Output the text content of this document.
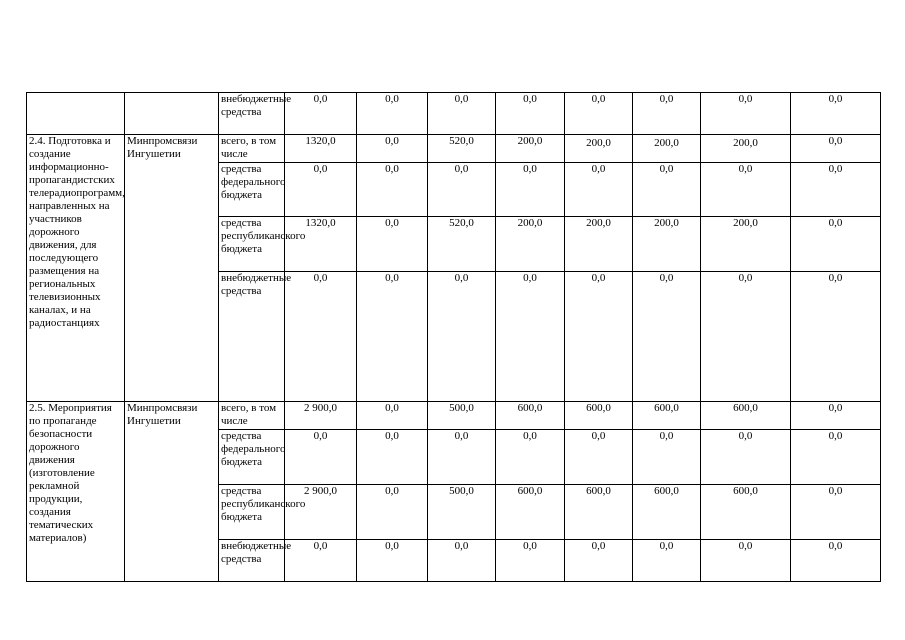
		внебюджетные средства	0,0	0,0	0,0	0,0	0,0	0,0	0,0	0,0
2.4. Подготовка и создание информационно-пропагандистских телерадиопрограмм, направленных на участников дорожного движения, для последующего размещения на региональных телевизионных каналах, и на радиостанциях	Минпромсвязи Ингушетии	всего, в том числе	1320,0	0,0	520,0	200,0	200,0	200,0	200,0	0,0
		средства федерального бюджета	0,0	0,0	0,0	0,0	0,0	0,0	0,0	0,0
		средства республиканского бюджета	1320,0	0,0	520,0	200,0	200,0	200,0	200,0	0,0
		внебюджетные средства	0,0	0,0	0,0	0,0	0,0	0,0	0,0	0,0
2.5. Мероприятия по пропаганде безопасности дорожного движения (изготовление рекламной продукции, создания тематических материалов)	Минпромсвязи Ингушетии	всего, в том числе	2 900,0	0,0	500,0	600,0	600,0	600,0	600,0	0,0
		средства федерального бюджета	0,0	0,0	0,0	0,0	0,0	0,0	0,0	0,0
		средства республиканского бюджета	2 900,0	0,0	500,0	600,0	600,0	600,0	600,0	0,0
		внебюджетные средства	0,0	0,0	0,0	0,0	0,0	0,0	0,0	0,0
